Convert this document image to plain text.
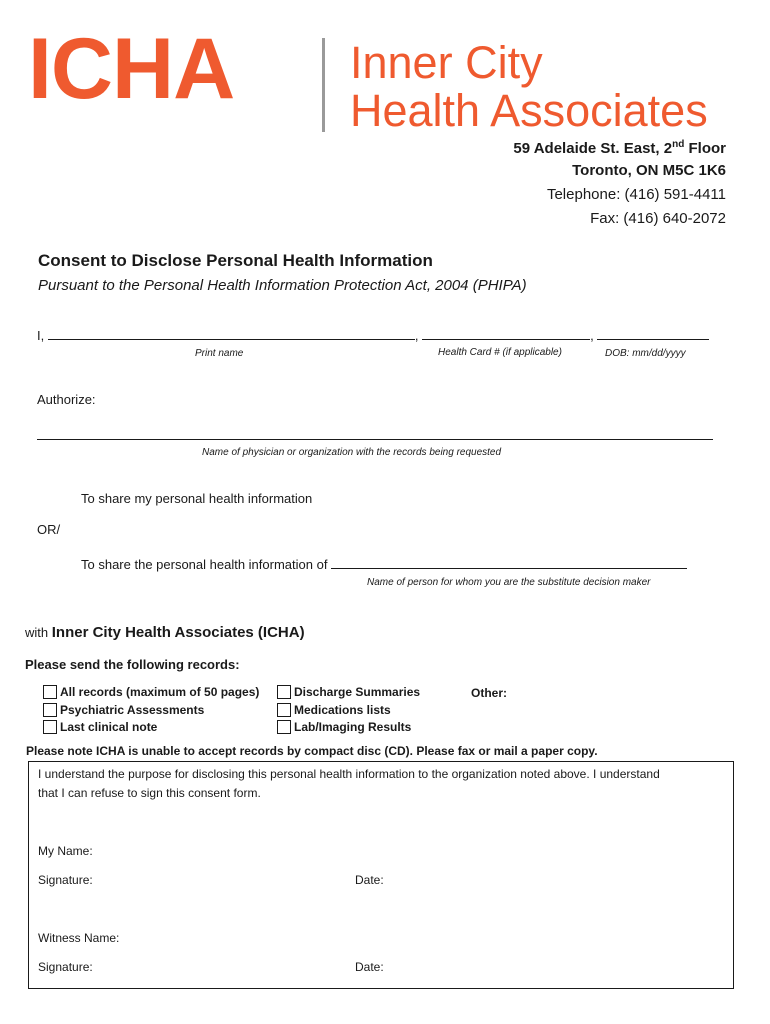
ICHA	Inner City
Health Associates
59 Adelaide St. East, 2nd Floor
Toronto, ON M5C 1K6
Telephone: (416) 591-4411
Fax: (416) 640-2072
Consent to Disclose Personal Health Information
Pursuant to the Personal Health Information Protection Act, 2004 (PHIPA)
I,	,	,
Print name	Health Card # (if applicable)	DOB: mm/dd/yyyy
Authorize:
Name of physician or organization with the records being requested
To share my personal health information
OR/
To share the personal health information of
Name of person for whom you are the substitute decision maker
with Inner City Health Associates (ICHA)
Please send the following records:
All records (maximum of 50 pages)
Psychiatric Assessments
Last clinical note
Discharge Summaries
Medications lists
Lab/Imaging Results
Other:
Please note ICHA is unable to accept records by compact disc (CD). Please fax or mail a paper copy.
I understand the purpose for disclosing this personal health information to the organization noted above. I understand
that I can refuse to sign this consent form.
My Name:
Signature:	Date:
Witness Name:
Signature:	Date:
